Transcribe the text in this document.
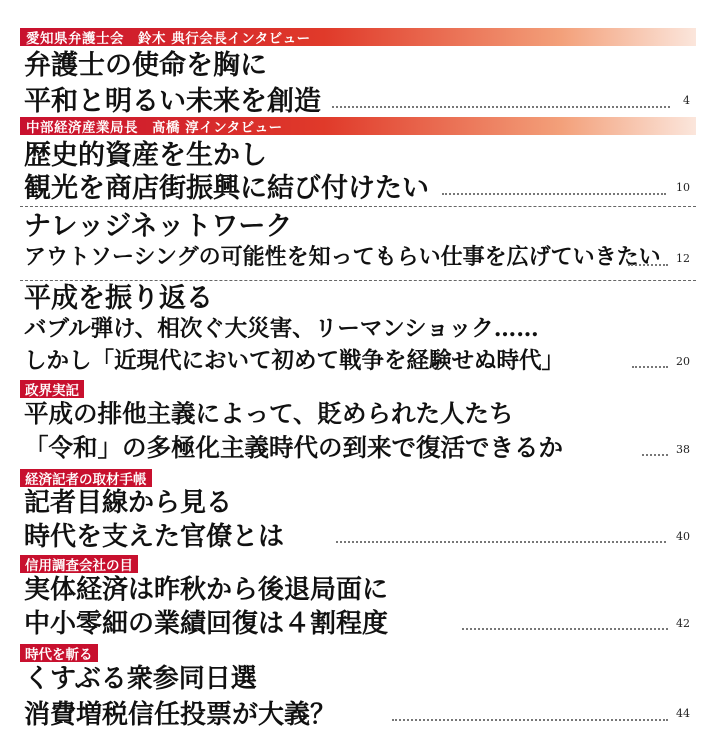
愛知県弁護士会　鈴木 典行会長インタビュー
弁護士の使命を胸に
平和と明るい未来を創造	4
中部経済産業局長　髙橋 淳インタビュー
歴史的資産を生かし
観光を商店街振興に結び付けたい	10
ナレッジネットワーク
アウトソーシングの可能性を知ってもらい仕事を広げていきたい 12
平成を振り返る
バブル弾け、相次ぐ大災害、リーマンショック……
しかし「近現代において初めて戦争を経験せぬ時代」	20
政界実記
平成の排他主義によって、貶められた人たち
「令和」の多極化主義時代の到来で復活できるか	38
経済記者の取材手帳
記者目線から見る
時代を支えた官僚とは	40
信用調査会社の目
実体経済は昨秋から後退局面に
中小零細の業績回復は４割程度	42
時代を斬る
くすぶる衆参同日選
消費増税信任投票が大義？	44
